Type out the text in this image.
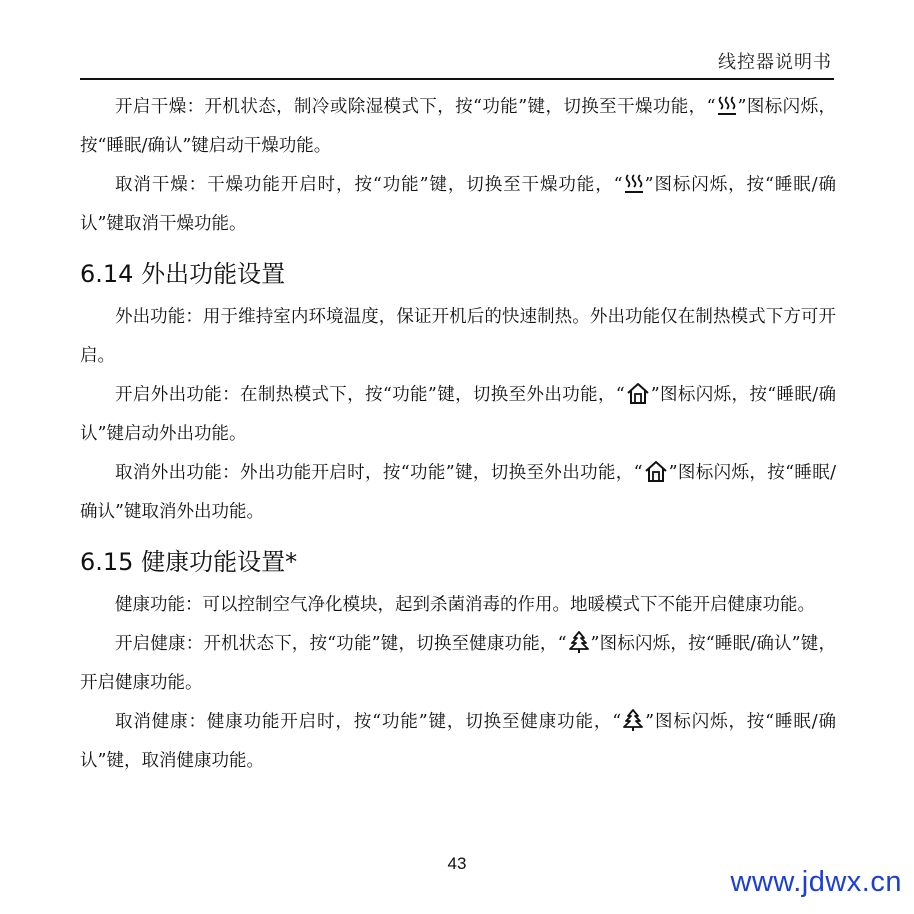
线控器说明书

开启干燥：开机状态，制冷或除湿模式下，按“功能”键，切换至干燥功能，“ ”图标闪烁，按“睡眠/确认”键启动干燥功能。

取消干燥：干燥功能开启时，按“功能”键，切换至干燥功能，“ ”图标闪烁，按“睡眠/确认”键取消干燥功能。

6.14 外出功能设置

外出功能：用于维持室内环境温度，保证开机后的快速制热。外出功能仅在制热模式下方可开启。

开启外出功能：在制热模式下，按“功能”键，切换至外出功能，“ ”图标闪烁，按“睡眠/确认”键启动外出功能。

取消外出功能：外出功能开启时，按“功能”键，切换至外出功能，“ ”图标闪烁，按“睡眠/确认”键取消外出功能。

6.15 健康功能设置*

健康功能：可以控制空气净化模块，起到杀菌消毒的作用。地暖模式下不能开启健康功能。

开启健康：开机状态下，按“功能”键，切换至健康功能，“ ”图标闪烁，按“睡眠/确认”键，开启健康功能。

取消健康：健康功能开启时，按“功能”键，切换至健康功能，“ ”图标闪烁，按“睡眠/确认”键，取消健康功能。

43
www.jdwx.cn
